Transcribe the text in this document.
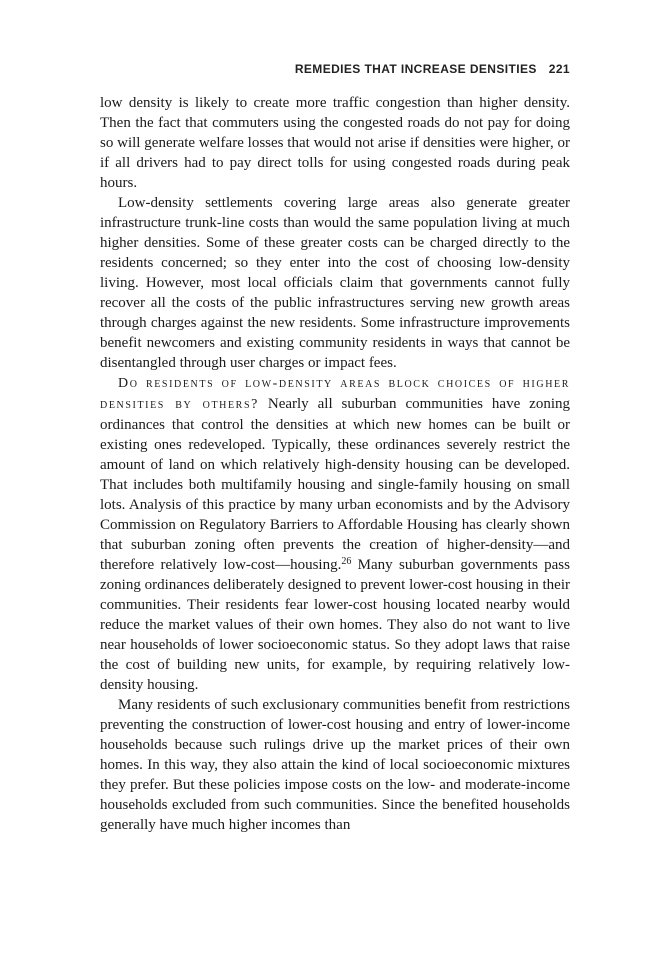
REMEDIES THAT INCREASE DENSITIES 221

low density is likely to create more traffic congestion than higher density. Then the fact that commuters using the congested roads do not pay for doing so will generate welfare losses that would not arise if densities were higher, or if all drivers had to pay direct tolls for using congested roads during peak hours.

Low-density settlements covering large areas also generate greater infrastructure trunk-line costs than would the same population living at much higher densities. Some of these greater costs can be charged directly to the residents concerned; so they enter into the cost of choosing low-density living. However, most local officials claim that governments cannot fully recover all the costs of the public infrastructures serving new growth areas through charges against the new residents. Some infrastructure improvements benefit newcomers and existing community residents in ways that cannot be disentangled through user charges or impact fees.

Do residents of low-density areas block choices of higher densities by others? Nearly all suburban communities have zoning ordinances that control the densities at which new homes can be built or existing ones redeveloped. Typically, these ordinances severely restrict the amount of land on which relatively high-density housing can be developed. That includes both multifamily housing and single-family housing on small lots. Analysis of this practice by many urban economists and by the Advisory Commission on Regulatory Barriers to Affordable Housing has clearly shown that suburban zoning often prevents the creation of higher-density—and therefore relatively low-cost—housing.$^{26}$ Many suburban governments pass zoning ordinances deliberately designed to prevent lower-cost housing in their communities. Their residents fear lower-cost housing located nearby would reduce the market values of their own homes. They also do not want to live near households of lower socioeconomic status. So they adopt laws that raise the cost of building new units, for example, by requiring relatively low-density housing.

Many residents of such exclusionary communities benefit from restrictions preventing the construction of lower-cost housing and entry of lower-income households because such rulings drive up the market prices of their own homes. In this way, they also attain the kind of local socioeconomic mixtures they prefer. But these policies impose costs on the low- and moderate-income households excluded from such communities. Since the benefited households generally have much higher incomes than
